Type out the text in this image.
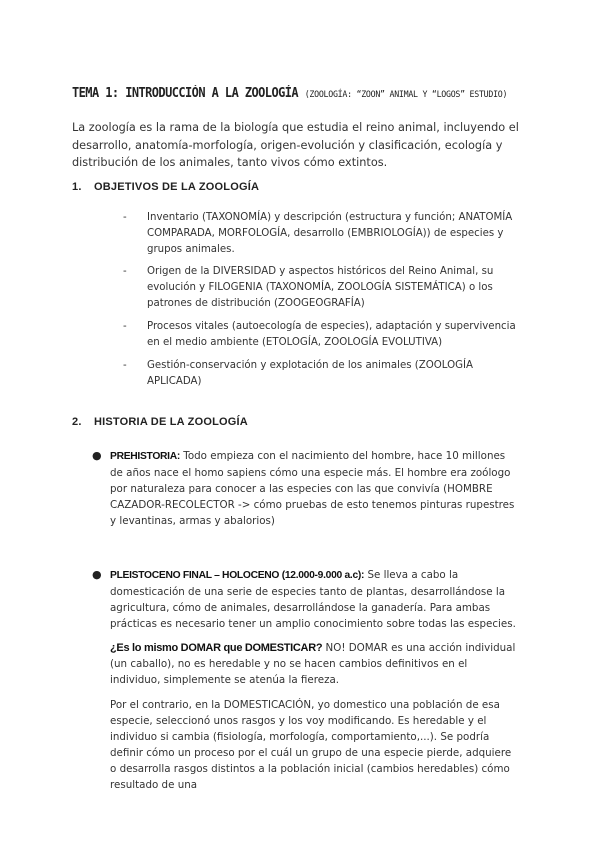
TEMA 1: INTRODUCCIÓN A LA ZOOLOGÍA (ZOOLOGÍA: “ZOON” ANIMAL Y “LOGOS” ESTUDIO)
La zoología es la rama de la biología que estudia el reino animal, incluyendo el desarrollo, anatomía-morfología, origen-evolución y clasificación, ecología y distribución de los animales, tanto vivos cómo extintos.
1. OBJETIVOS DE LA ZOOLOGÍA
- Inventario (TAXONOMÍA) y descripción (estructura y función; ANATOMÍA COMPARADA, MORFOLOGÍA, desarrollo (EMBRIOLOGÍA)) de especies y grupos animales.
- Origen de la DIVERSIDAD y aspectos históricos del Reino Animal, su evolución y FILOGENIA (TAXONOMÍA, ZOOLOGÍA SISTEMÁTICA) o los patrones de distribución (ZOOGEOGRAFÍA)
- Procesos vitales (autoecología de especies), adaptación y supervivencia en el medio ambiente (ETOLOGÍA, ZOOLOGÍA EVOLUTIVA)
- Gestión-conservación y explotación de los animales (ZOOLOGÍA APLICADA)
2. HISTORIA DE LA ZOOLOGÍA
● PREHISTORIA: Todo empieza con el nacimiento del hombre, hace 10 millones de años nace el homo sapiens cómo una especie más. El hombre era zoólogo por naturaleza para conocer a las especies con las que convivía (HOMBRE CAZADOR-RECOLECTOR -> cómo pruebas de esto tenemos pinturas rupestres y levantinas, armas y abalorios)
● PLEISTOCENO FINAL – HOLOCENO (12.000-9.000 a.c): Se lleva a cabo la domesticación de una serie de especies tanto de plantas, desarrollándose la agricultura, cómo de animales, desarrollándose la ganadería. Para ambas prácticas es necesario tener un amplio conocimiento sobre todas las especies.
¿Es lo mismo DOMAR que DOMESTICAR? NO! DOMAR es una acción individual (un caballo), no es heredable y no se hacen cambios definitivos en el individuo, simplemente se atenúa la fiereza.
Por el contrario, en la DOMESTICACIÓN, yo domestico una población de esa especie, seleccionó unos rasgos y los voy modificando. Es heredable y el individuo si cambia (fisiología, morfología, comportamiento,...). Se podría definir cómo un proceso por el cuál un grupo de una especie pierde, adquiere o desarrolla rasgos distintos a la población inicial (cambios heredables) cómo resultado de una
